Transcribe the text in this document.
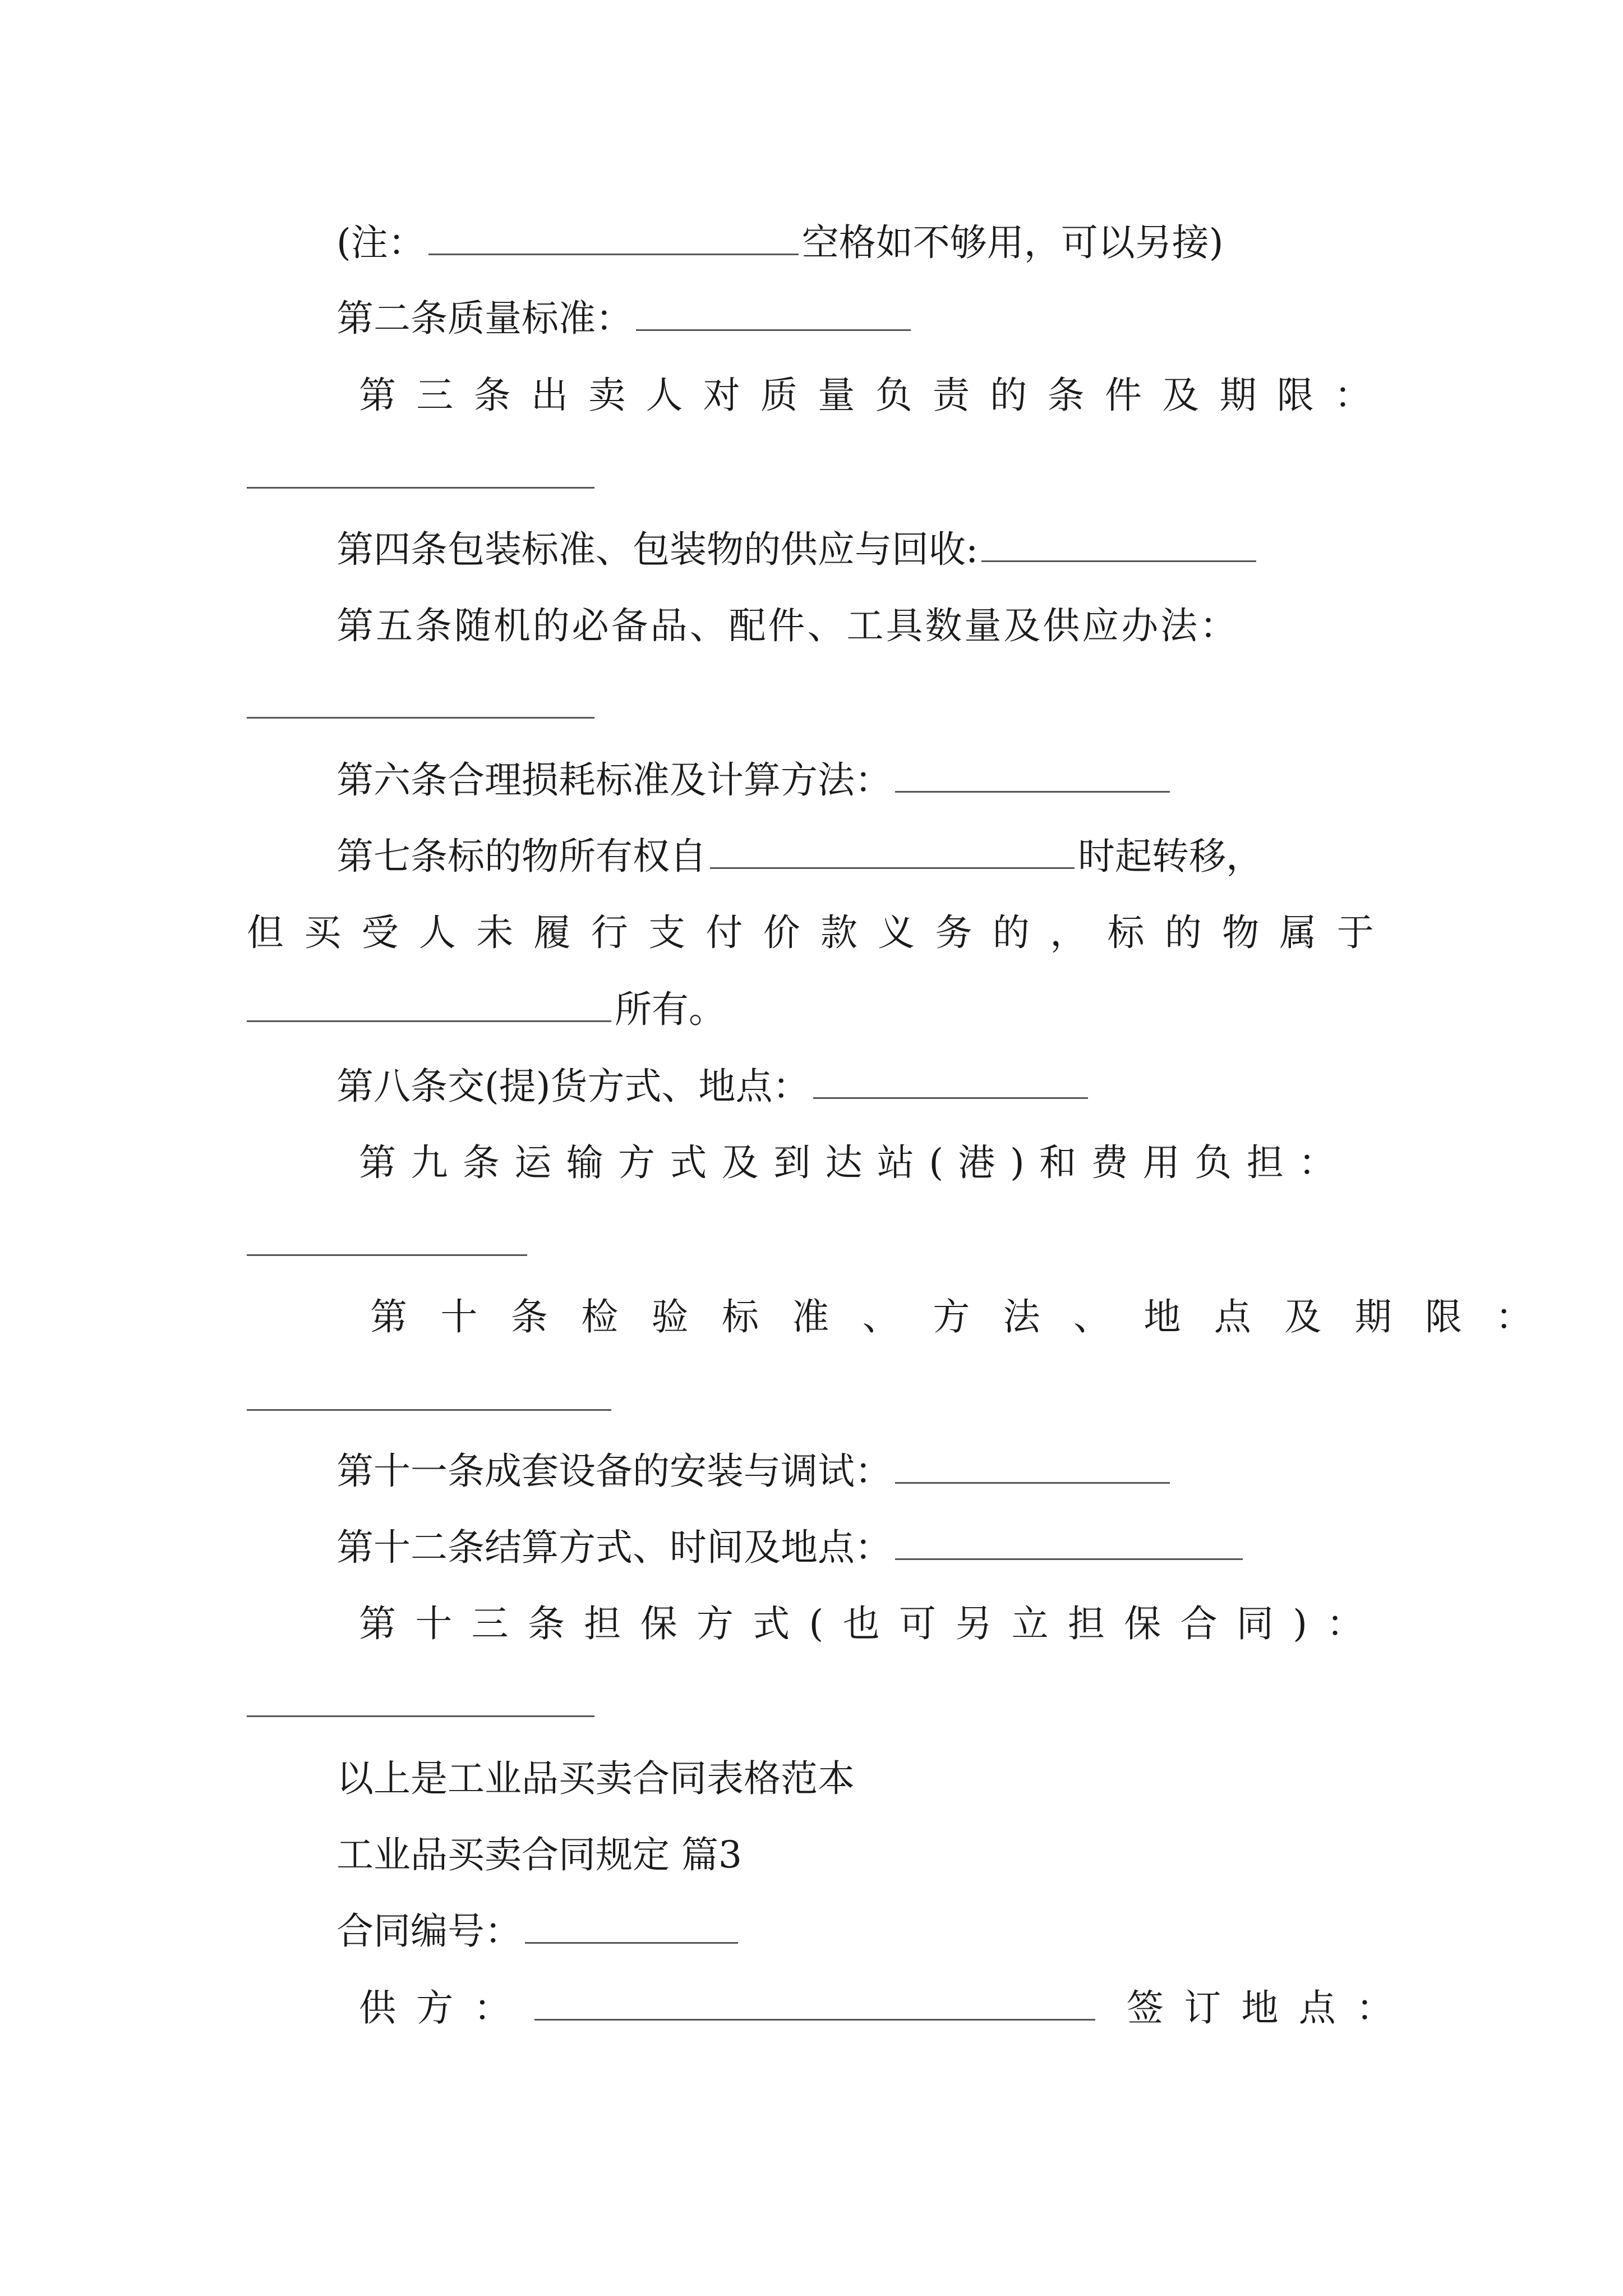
(注：	空格如不够用，可以另接)
第二条质量标准：
第三条出卖人对质量负责的条件及期限：
第四条包装标准、包装物的供应与回收:
第五条随机的必备品、配件、工具数量及供应办法：
第六条合理损耗标准及计算方法：
第七条标的物所有权自	时起转移，
但买受人未履行支付价款义务的，标的物属于
所有。
第八条交(提)货方式、地点：
第九条运输方式及到达站(港)和费用负担：
第十条检验标准、方法、地点及期限：
第十一条成套设备的安装与调试：
第十二条结算方式、时间及地点：
第十三条担保方式(也可另立担保合同)：
以上是工业品买卖合同表格范本
工业品买卖合同规定 篇3
合同编号：
供方：	签订地点：
